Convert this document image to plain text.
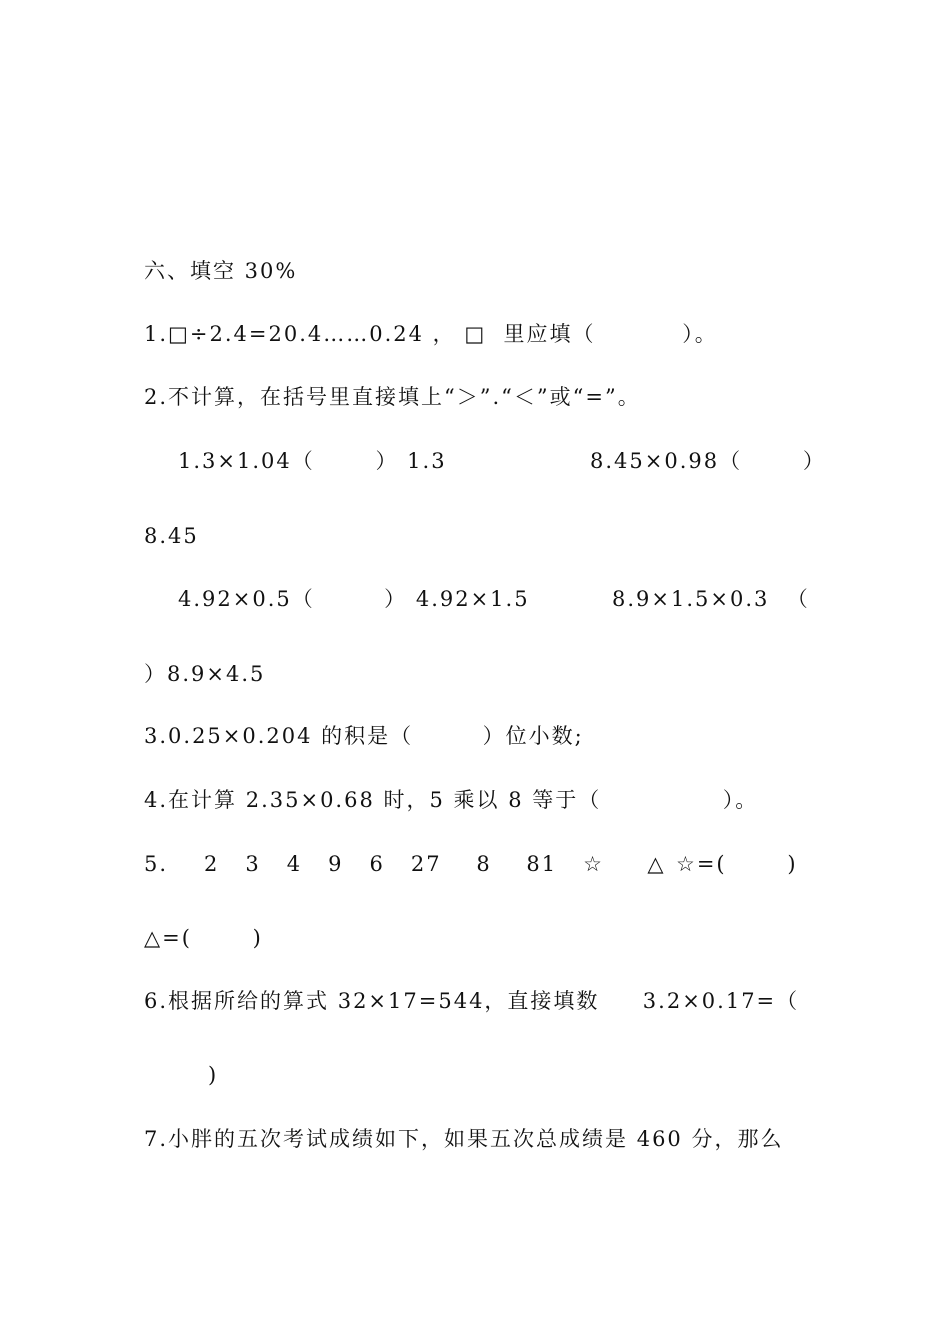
六、填空 30%
1.□÷2.4=20.4……0.24 ， □  里应填（          ）。
2.不计算，在括号里直接填上“＞”.“＜”或“=”。
1.3×1.04（       ） 1.3	8.45×0.98（       ）
8.45
4.92×0.5（        ） 4.92×1.5	8.9×1.5×0.3  （
）8.9×4.5
3.0.25×0.204 的积是（        ）位小数;
4.在计算 2.35×0.68 时，5 乘以 8 等于（              ）。
5. 2   3   4   9   6   27    8    81   ☆     △ ☆=(       )
△=(       )
6.根据所给的算式 32×17=544，直接填数     3.2×0.17=（
)
7.小胖的五次考试成绩如下，如果五次总成绩是 460 分，那么
